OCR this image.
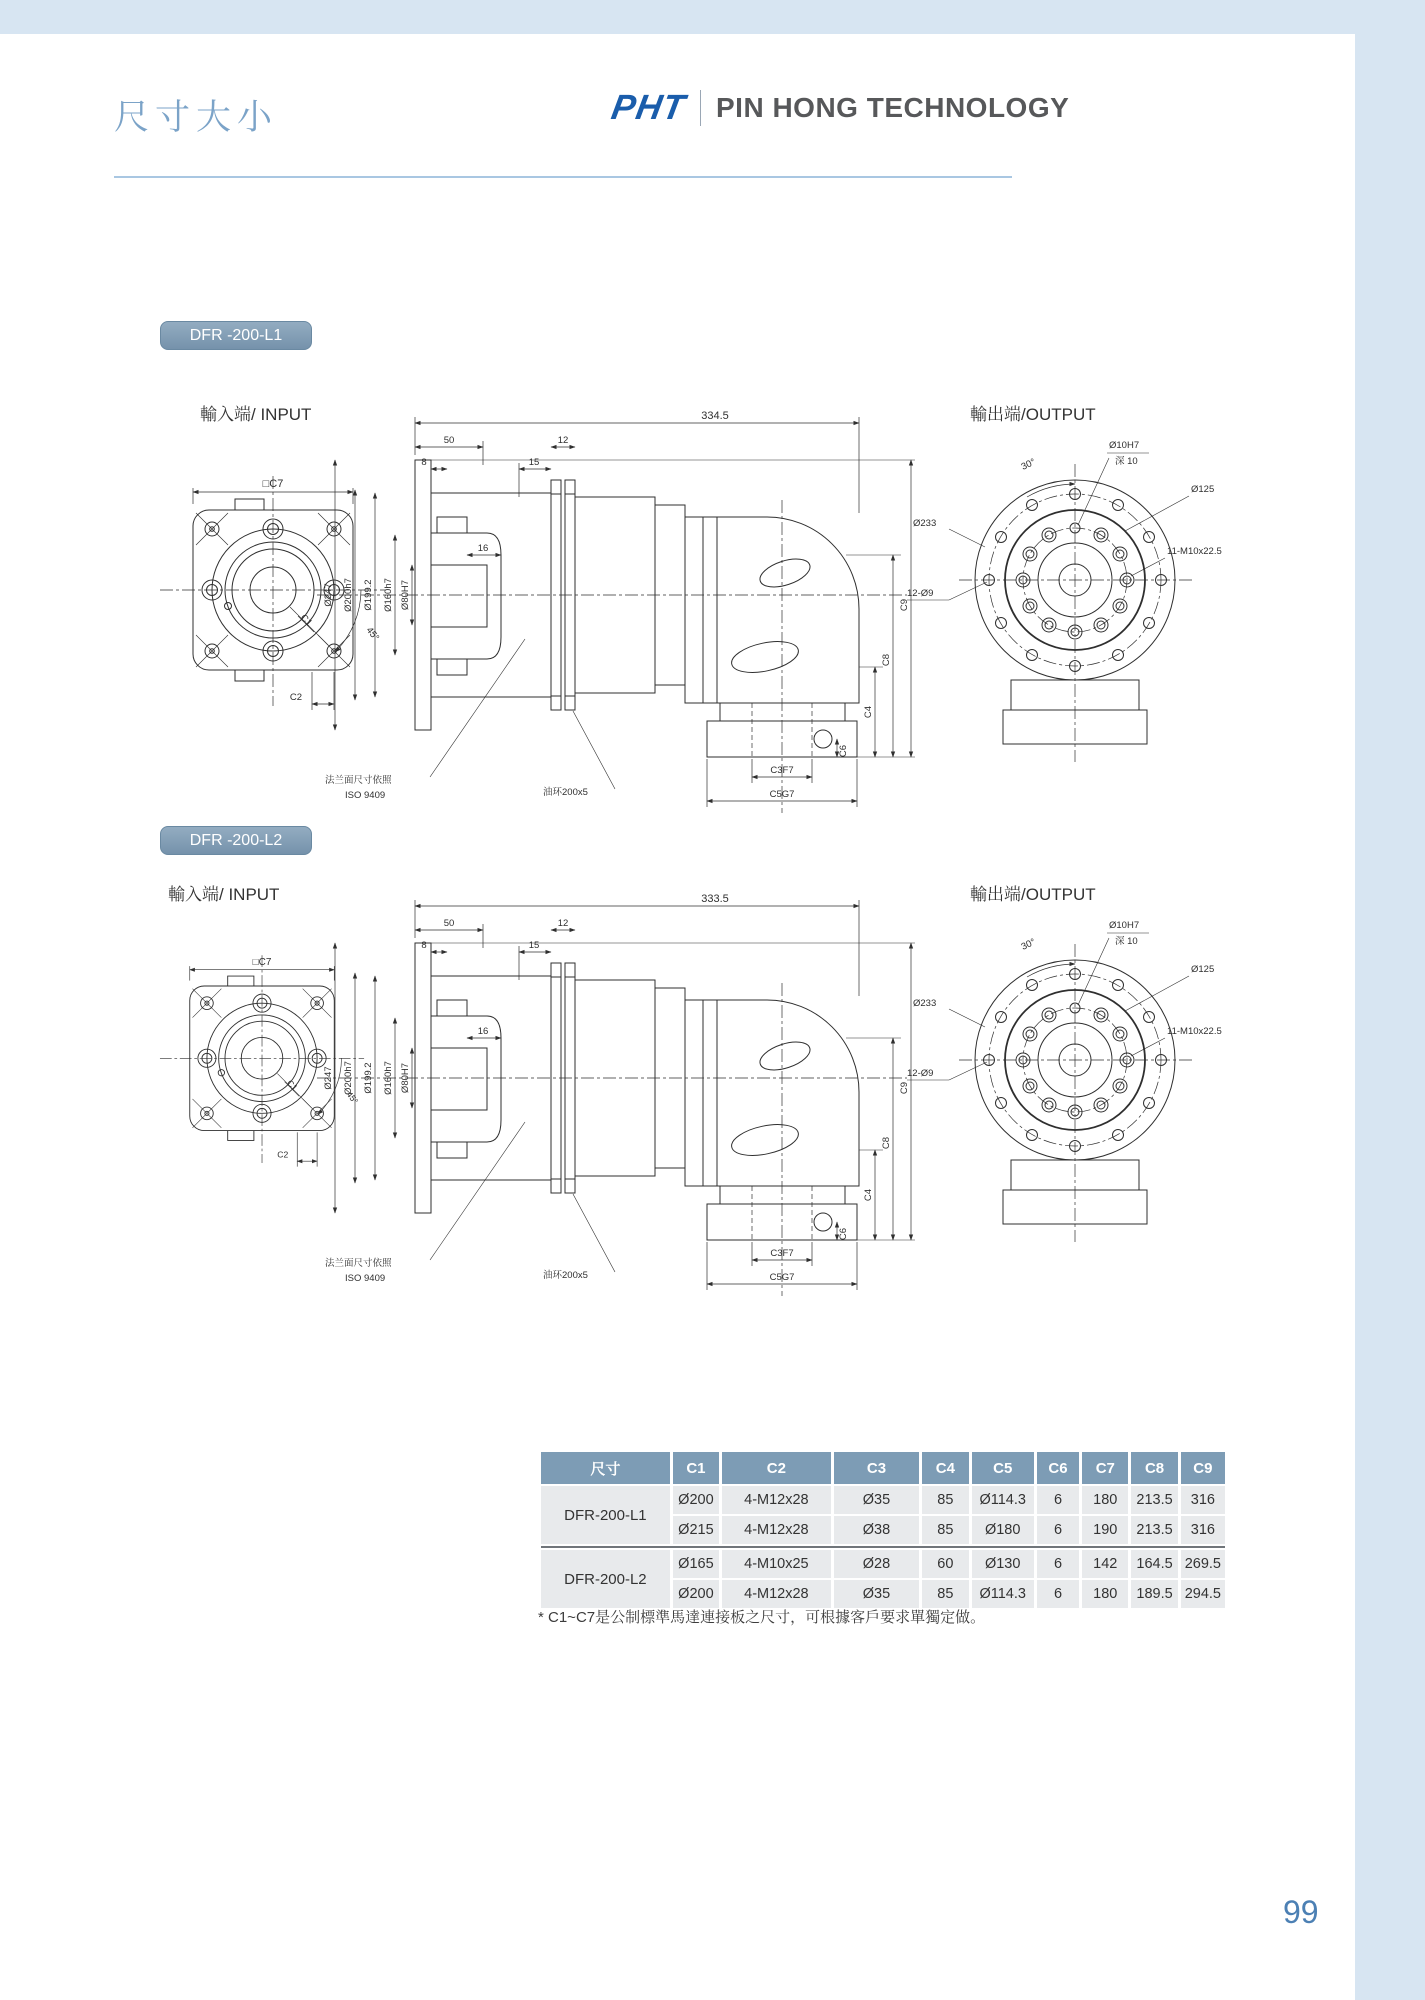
尺寸大小	PHT PIN HONG TECHNOLOGY
DFR -200-L1
輸入端/ INPUT	輸出端/OUTPUT
□C7
C2
45°
C1
334.5
50	12
8	15
Ø247 Ø200h7 Ø199.2 Ø160h7 Ø80H7
16
C4
C8
C9
C3F7
C6
C5G7
法兰面尺寸依照
ISO 9409	油环200x5
30°
Ø10H7
深 10
Ø125
Ø233
12-Ø9
11-M10x22.5
DFR -200-L2
輸入端/ INPUT	輸出端/OUTPUT
□C7
C2
45°
C1
333.5
50	12
8	15
Ø247 Ø200h7 Ø199.2 Ø160h7 Ø80H7
16
C4
C8
C9
C3F7
C6
C5G7
法兰面尺寸依照
ISO 9409	油环200x5
30°
Ø10H7
深 10
Ø125
Ø233
12-Ø9
11-M10x22.5
尺寸	C1	C2	C3	C4	C5	C6	C7	C8	C9
DFR-200-L1	Ø200	4-M12x28	Ø35	85	Ø114.3	6	180	213.5	316
	Ø215	4-M12x28	Ø38	85	Ø180	6	190	213.5	316

DFR-200-L2	Ø165	4-M10x25	Ø28	60	Ø130	6	142	164.5	269.5
	Ø200	4-M12x28	Ø35	85	Ø114.3	6	180	189.5	294.5
* C1~C7是公制標準馬達連接板之尺寸，可根據客戶要求單獨定做。
99
